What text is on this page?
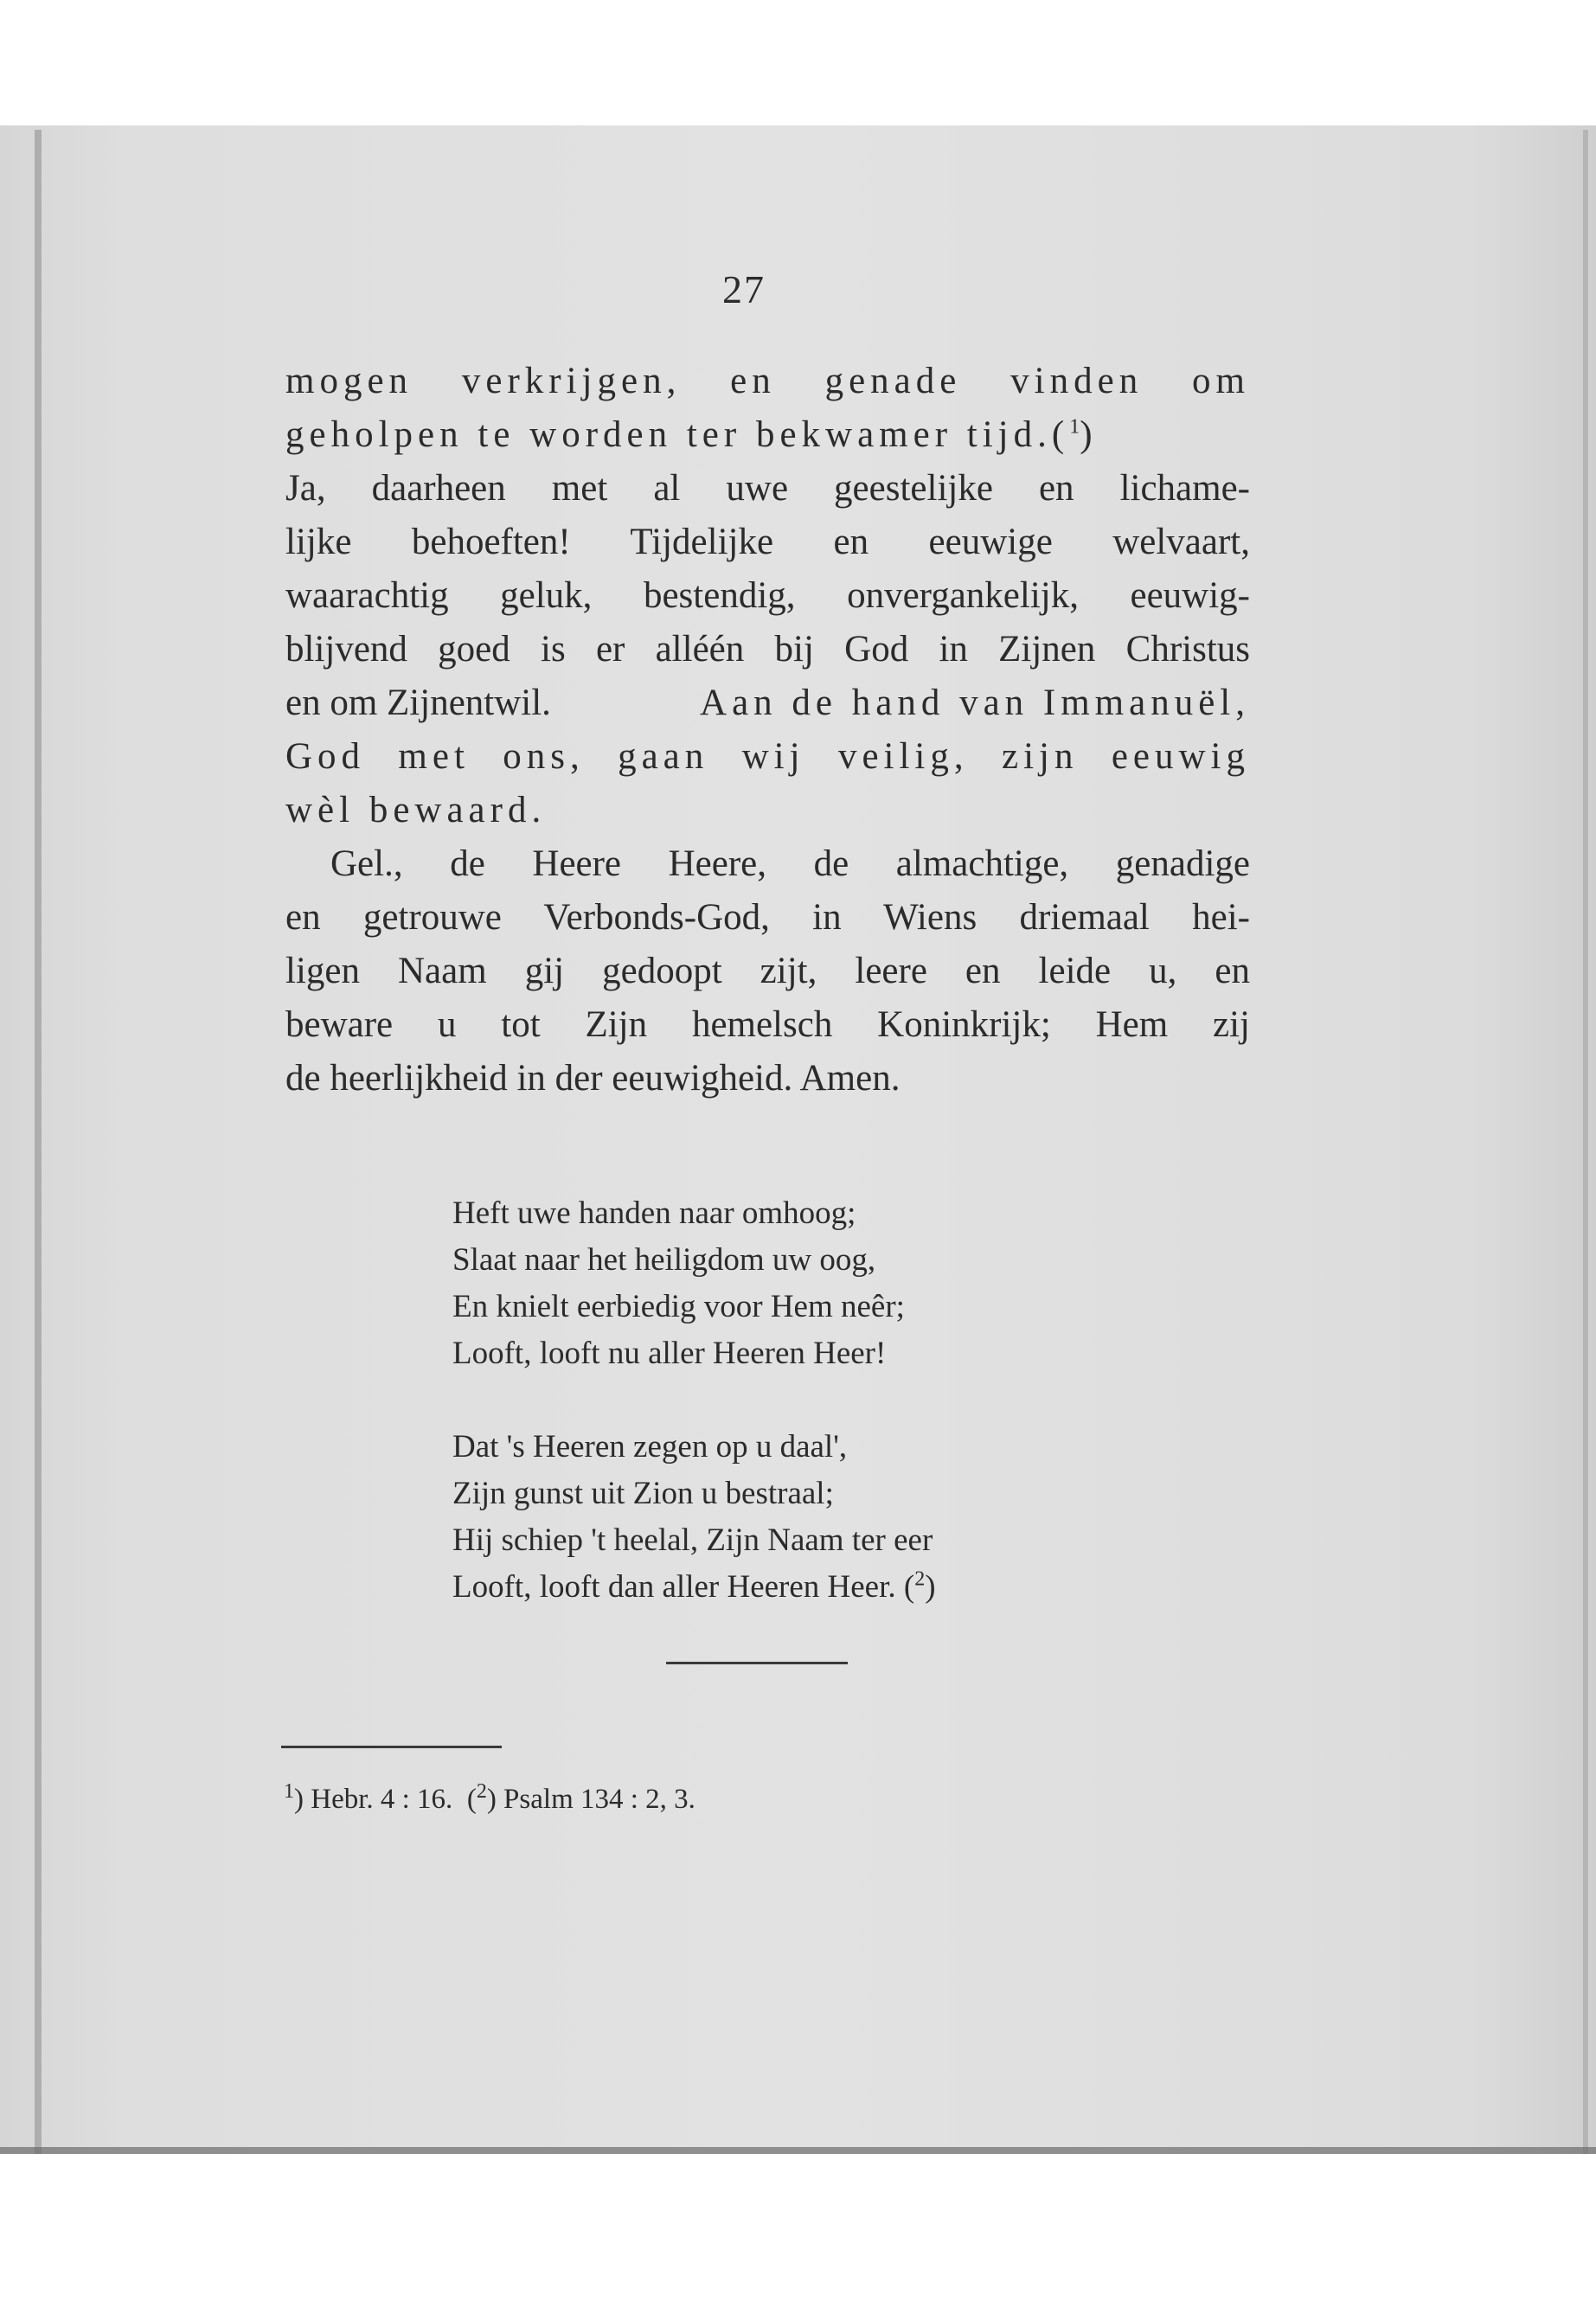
27
mogen verkrijgen, en genade vinden om
geholpen te worden ter bekwamer tijd.($^1$)
Ja, daarheen met al uwe geestelijke en lichame-
lijke behoeften! Tijdelijke en eeuwige welvaart,
waarachtig geluk, bestendig, onvergankelijk, eeuwig-
blijvend goed is er alléén bij God in Zijnen Christus
en om Zijnentwil.	Aan de hand van Immanuël,
God met ons, gaan wij veilig, zijn eeuwig
wèl bewaard.
Gel., de Heere Heere, de almachtige, genadige
en getrouwe Verbonds-God, in Wiens driemaal hei-
ligen Naam gij gedoopt zijt, leere en leide u, en
beware u tot Zijn hemelsch Koninkrijk; Hem zij
de heerlijkheid in der eeuwigheid. Amen.
Heft uwe handen naar omhoog;
Slaat naar het heiligdom uw oog,
En knielt eerbiedig voor Hem neêr;
Looft, looft nu aller Heeren Heer!
Dat 's Heeren zegen op u daal',
Zijn gunst uit Zion u bestraal;
Hij schiep 't heelal, Zijn Naam ter eer
Looft, looft dan aller Heeren Heer. ($^2$)
$^1$) Hebr. 4 : 16. ($^2$) Psalm 134 : 2, 3.
